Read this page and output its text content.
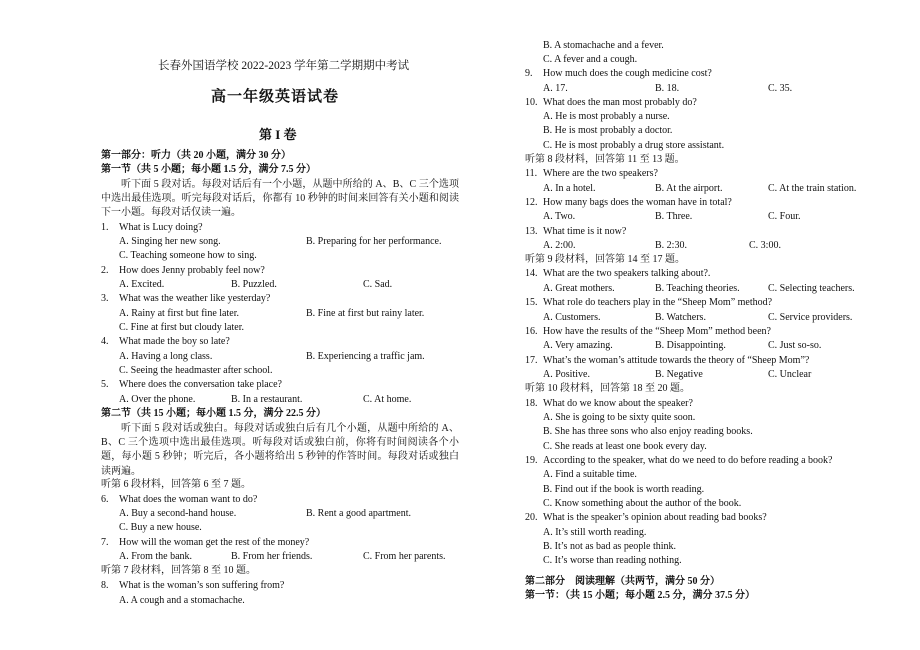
长春外国语学校 2022-2023 学年第二学期期中考试
高一年级英语试卷
第 I 卷
第一部分：听力（共 20 小题，满分 30 分）
第一节（共 5 小题；每小题 1.5 分，满分 7.5 分）
听下面 5 段对话。每段对话后有一个小题，从题中所给的 A、B、C 三个选项中选出最佳选项。听完每段对话后，你都有 10 秒钟的时间来回答有关小题和阅读下一小题。每段对话仅读一遍。
1. What is Lucy doing?
A. Singing her new song.	B. Preparing for her performance.
C. Teaching someone how to sing.
2. How does Jenny probably feel now?
A. Excited.	B. Puzzled.	C. Sad.
3. What was the weather like yesterday?
A. Rainy at first but fine later.	B. Fine at first but rainy later.
C. Fine at first but cloudy later.
4. What made the boy so late?
A. Having a long class.	B. Experiencing a traffic jam.
C. Seeing the headmaster after school.
5. Where does the conversation take place?
A. Over the phone.	B. In a restaurant.	C. At home.
第二节（共 15 小题；每小题 1.5 分，满分 22.5 分）
听下面 5 段对话或独白。每段对话或独白后有几个小题，从题中所给的 A、B、C 三个选项中选出最佳选项。听每段对话或独白前，你将有时间阅读各个小题，每小题 5 秒钟；听完后，各小题将给出 5 秒钟的作答时间。每段对话或独白读两遍。
听第 6 段材料，回答第 6 至 7 题。
6. What does the woman want to do?
A. Buy a second-hand house.	B. Rent a good apartment.
C. Buy a new house.
7. How will the woman get the rest of the money?
A. From the bank.	B. From her friends.	C. From her parents.
听第 7 段材料，回答第 8 至 10 题。
8. What is the woman’s son suffering from?
A. A cough and a stomachache.
B. A stomachache and a fever.
C. A fever and a cough.
9. How much does the cough medicine cost?
A. 17.	B. 18.	C. 35.
10. What does the man most probably do?
A. He is most probably a nurse.
B. He is most probably a doctor.
C. He is most probably a drug store assistant.
听第 8 段材料，回答第 11 至 13 题。
11. Where are the two speakers?
A. In a hotel.	B. At the airport.	C. At the train station.
12. How many bags does the woman have in total?
A. Two.	B. Three.	C. Four.
13. What time is it now?
A. 2:00.	B. 2:30.	C. 3:00.
听第 9 段材料，回答第 14 至 17 题。
14. What are the two speakers talking about?.
A. Great mothers.	B. Teaching theories.	C. Selecting teachers.
15. What role do teachers play in the “Sheep Mom” method?
A. Customers.	B. Watchers.	C. Service providers.
16. How have the results of the “Sheep Mom” method been?
A. Very amazing.	B. Disappointing.	C. Just so-so.
17. What’s the woman’s attitude towards the theory of “Sheep Mom”?
A. Positive.	B. Negative	C. Unclear
听第 10 段材料，回答第 18 至 20 题。
18. What do we know about the speaker?
A. She is going to be sixty quite soon.
B. She has three sons who also enjoy reading books.
C. She reads at least one book every day.
19. According to the speaker, what do we need to do before reading a book?
A. Find a suitable time.
B. Find out if the book is worth reading.
C. Know something about the author of the book.
20. What is the speaker’s opinion about reading bad books?
A. It’s still worth reading.
B. It’s not as bad as people think.
C. It’s worse than reading nothing.
第二部分　阅读理解（共两节，满分 50 分）
第一节：（共 15 小题；每小题 2.5 分，满分 37.5 分）
